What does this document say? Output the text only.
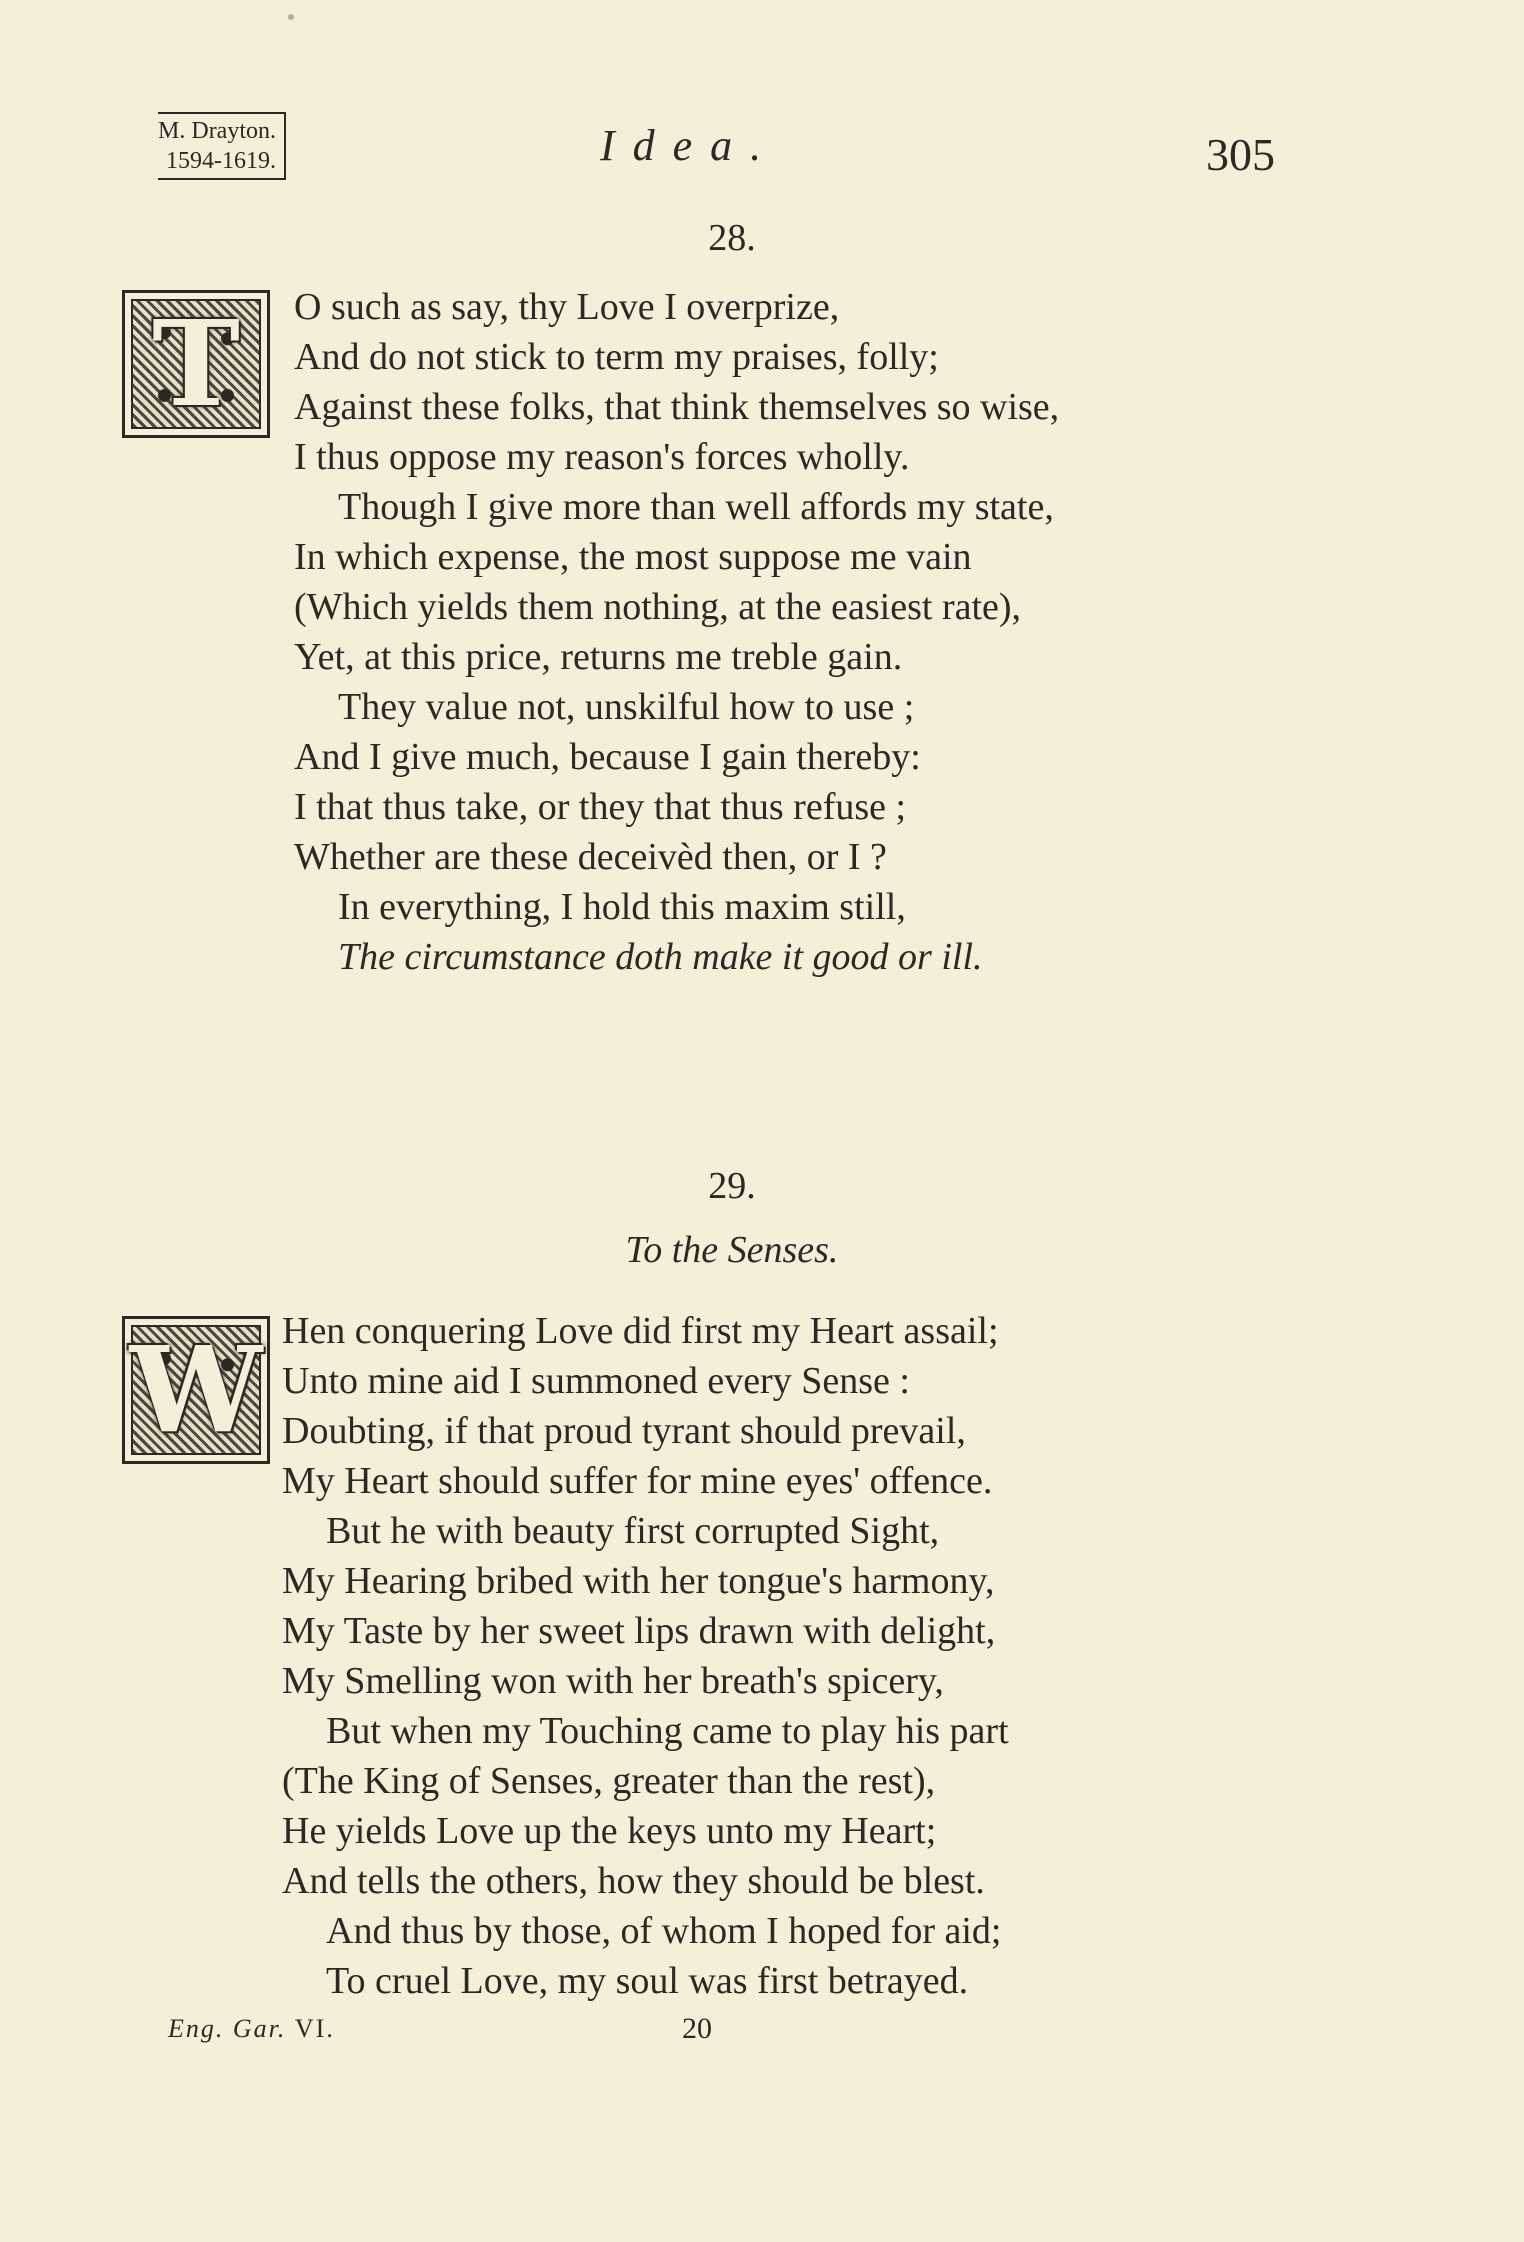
M. Drayton.
1594-1619.	Idea.	305
28.
T O such as say, thy Love I overprize,
And do not stick to term my praises, folly;
Against these folks, that think themselves so wise,
I thus oppose my reason's forces wholly.
Though I give more than well affords my state,
In which expense, the most suppose me vain
(Which yields them nothing, at the easiest rate),
Yet, at this price, returns me treble gain.
They value not, unskilful how to use ;
And I give much, because I gain thereby:
I that thus take, or they that thus refuse ;
Whether are these deceivèd then, or I ?
In everything, I hold this maxim still,
The circumstance doth make it good or ill.
29.
To the Senses.
W Hen conquering Love did first my Heart assail;
Unto mine aid I summoned every Sense :
Doubting, if that proud tyrant should prevail,
My Heart should suffer for mine eyes' offence.
But he with beauty first corrupted Sight,
My Hearing bribed with her tongue's harmony,
My Taste by her sweet lips drawn with delight,
My Smelling won with her breath's spicery,
But when my Touching came to play his part
(The King of Senses, greater than the rest),
He yields Love up the keys unto my Heart;
And tells the others, how they should be blest.
And thus by those, of whom I hoped for aid;
To cruel Love, my soul was first betrayed.
Eng. Gar. VI.	20
